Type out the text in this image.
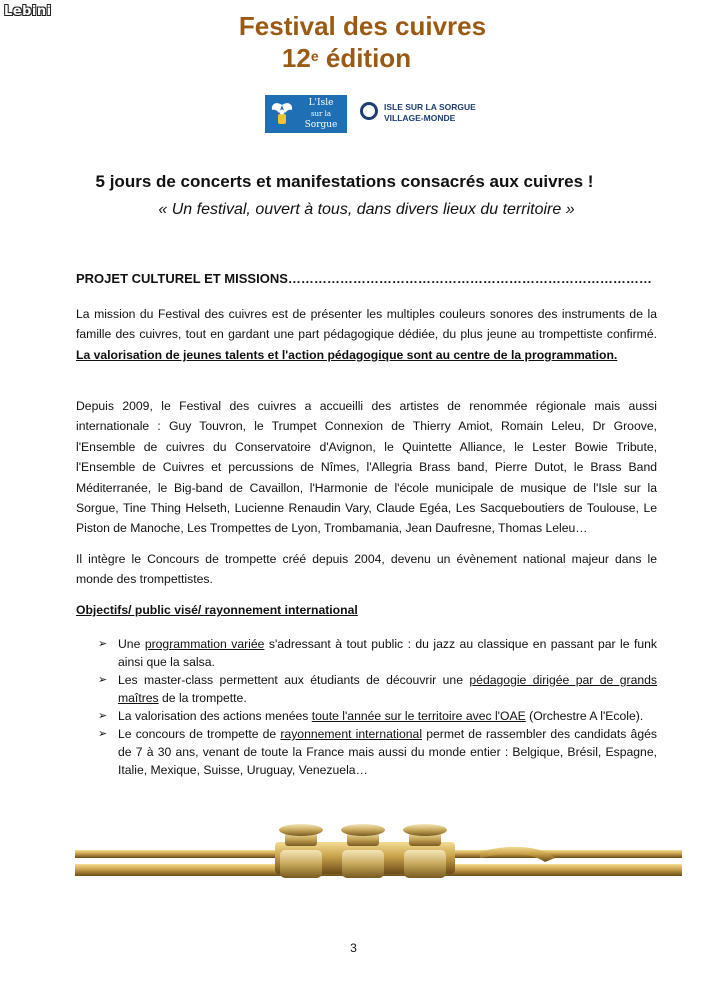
Lebini	Festival des cuivres
12e édition
L'Isle
sur la
Sorgue
ISLE SUR LA SORGUE
VILLAGE-MONDE
5 jours de concerts et manifestations consacrés aux cuivres !
« Un festival, ouvert à tous, dans divers lieux du territoire »
PROJET CULTUREL ET MISSIONS…………………………………………………………………………
La mission du Festival des cuivres est de présenter les multiples couleurs sonores des instruments de la famille des cuivres, tout en gardant une part pédagogique dédiée, du plus jeune au trompettiste confirmé. La valorisation de jeunes talents et l'action pédagogique sont au centre de la programmation.
Depuis 2009, le Festival des cuivres a accueilli des artistes de renommée régionale mais aussi internationale : Guy Touvron, le Trumpet Connexion de Thierry Amiot, Romain Leleu, Dr Groove, l'Ensemble de cuivres du Conservatoire d'Avignon, le Quintette Alliance, le Lester Bowie Tribute, l'Ensemble de Cuivres et percussions de Nîmes, l'Allegria Brass band, Pierre Dutot, le Brass Band Méditerranée, le Big-band de Cavaillon, l'Harmonie de l'école municipale de musique de l'Isle sur la Sorgue, Tine Thing Helseth, Lucienne Renaudin Vary, Claude Egéa, Les Sacqueboutiers de Toulouse, Le Piston de Manoche, Les Trompettes de Lyon, Trombamania, Jean Daufresne, Thomas Leleu…
Il intègre le Concours de trompette créé depuis 2004, devenu un évènement national majeur dans le monde des trompettistes.
Objectifs/ public visé/ rayonnement international
➢ Une programmation variée s'adressant à tout public : du jazz au classique en passant par le funk ainsi que la salsa.
➢ Les master-class permettent aux étudiants de découvrir une pédagogie dirigée par de grands maîtres de la trompette.
➢ La valorisation des actions menées toute l'année sur le territoire avec l'OAE (Orchestre A l'Ecole).
➢ Le concours de trompette de rayonnement international permet de rassembler des candidats âgés de 7 à 30 ans, venant de toute la France mais aussi du monde entier : Belgique, Brésil, Espagne, Italie, Mexique, Suisse, Uruguay, Venezuela…
3
